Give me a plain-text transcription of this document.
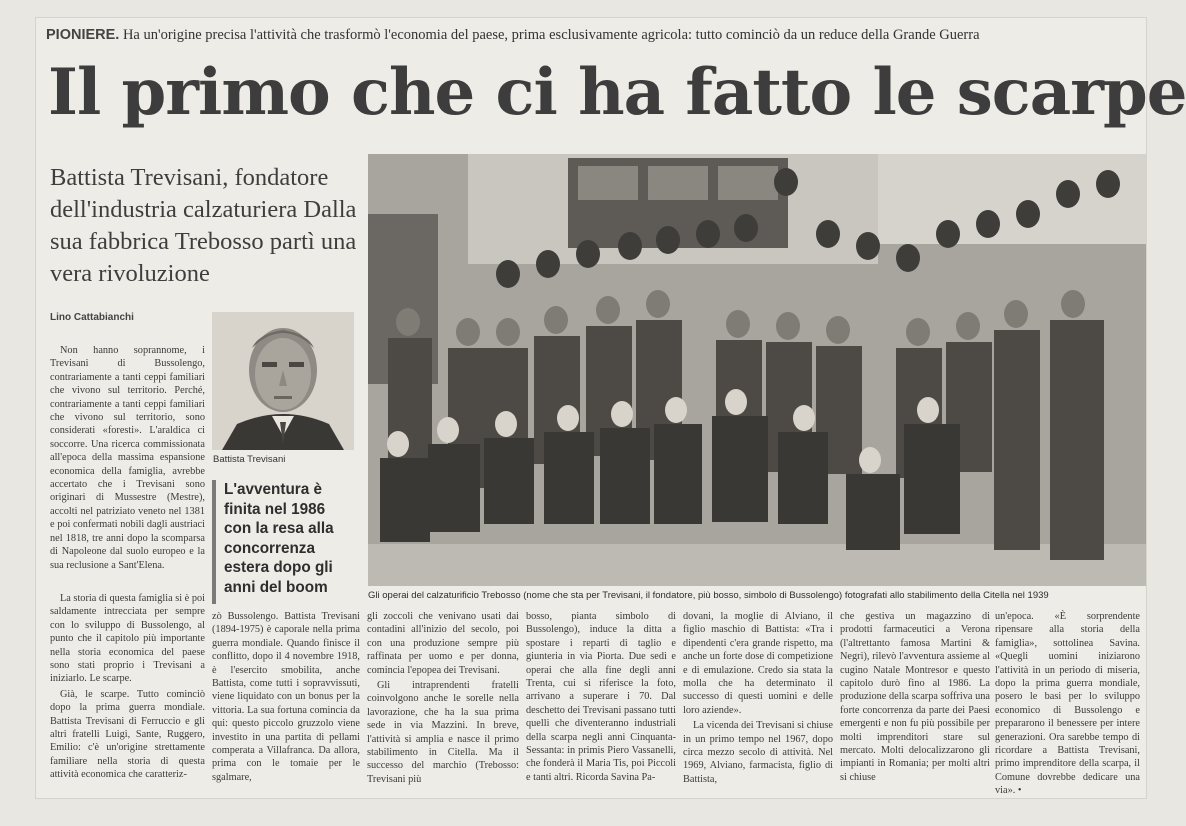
PIONIERE. Ha un'origine precisa l'attività che trasformò l'economia del paese, prima esclusivamente agricola: tutto cominciò da un reduce della Grande Guerra
Il primo che ci ha fatto le scarpe
Battista Trevisani, fondatore dell'industria calzaturiera Dalla sua fabbrica Trebosso partì una vera rivoluzione
Lino Cattabianchi

Non hanno soprannome, i Trevisani di Bussolengo, contrariamente a tanti ceppi familiari che vivono sul territorio. Perché, contrariamente a tanti ceppi familiari che vivono sul territorio, sono considerati «foresti». L'araldica ci soccorre. Una ricerca commissionata all'epoca della massima espansione economica della famiglia, avrebbe accertato che i Trevisani sono originari di Mussestre (Mestre), accolti nel patriziato veneto nel 1381 e poi confermati nobili dagli austriaci nel 1818, tre anni dopo la scomparsa di Napoleone dal suolo europeo e la sua reclusione a Sant'Elena.

La storia di questa famiglia si è poi saldamente intrecciata per sempre con lo sviluppo di Bussolengo, al punto che il capitolo più importante nella storia economica del paese sono stati proprio i Trevisani a iniziarlo. Le scarpe.

Già, le scarpe. Tutto cominciò dopo la prima guerra mondiale. Battista Trevisani di Ferruccio e gli altri fratelli Luigi, Sante, Ruggero, Emilio: c'è un'origine strettamente familiare nella storia di questa attività economica che caratteriz-

Battista Trevisani
L'avventura è finita nel 1986 con la resa alla concorrenza estera dopo gli anni del boom	Gli operai del calzaturificio Trebosso (nome che sta per Trevisani, il fondatore, più bosso, simbolo di Bussolengo) fotografati allo stabilimento della Citella nel 1939

zò Bussolengo. Battista Trevisani (1894-1975) è caporale nella prima guerra mondiale. Quando finisce il conflitto, dopo il 4 novembre 1918, è l'esercito smobilita, anche Battista, come tutti i sopravvissuti, viene liquidato con un bonus per la vittoria. La sua fortuna comincia da qui: questo piccolo gruzzolo viene investito in una partita di pellami comperata a Villafranca. Da allora, prima con le tomaie per le sgalmare,

gli zoccoli che venivano usati dai contadini all'inizio del secolo, poi con una produzione sempre più raffinata per uomo e per donna, comincia l'epopea dei Trevisani.

Gli intraprendenti fratelli coinvolgono anche le sorelle nella lavorazione, che ha la sua prima sede in via Mazzini. In breve, l'attività si amplia e nasce il primo stabilimento in Citella. Ma il successo del marchio (Trebosso: Trevisani più

bosso, pianta simbolo di Bussolengo), induce la ditta a spostare i reparti di taglio e giunteria in via Piorta. Due sedi e operai che alla fine degli anni Trenta, cui si riferisce la foto, arrivano a superare i 70. Dal deschetto dei Trevisani passano tutti quelli che diventeranno industriali della scarpa negli anni Cinquanta-Sessanta: in primis Piero Vassanelli, che fonderà il Maria Tis, poi Piccoli e tanti altri. Ricorda Savina Pa-

dovani, la moglie di Alviano, il figlio maschio di Battista: «Tra i dipendenti c'era grande rispetto, ma anche un forte dose di competizione e di emulazione. Credo sia stata la molla che ha determinato il successo di questi uomini e delle loro aziende».

La vicenda dei Trevisani si chiuse in un primo tempo nel 1967, dopo circa mezzo secolo di attività. Nel 1969, Alviano, farmacista, figlio di Battista,

che gestiva un magazzino di prodotti farmaceutici a Verona (l'altrettanto famosa Martini & Negri), rilevò l'avventura assieme al cugino Natale Montresor e questo capitolo durò fino al 1986. La produzione della scarpa soffriva una forte concorrenza da parte dei Paesi emergenti e non fu più possibile per molti imprenditori stare sul mercato. Molti delocalizzarono gli impianti in Romania; per molti altri si chiuse

un'epoca. «È sorprendente ripensare alla storia della famiglia», sottolinea Savina. «Quegli uomini iniziarono l'attività in un periodo di miseria, dopo la prima guerra mondiale, posero le basi per lo sviluppo economico di Bussolengo e prepararono il benessere per intere generazioni. Ora sarebbe tempo di ricordare a Battista Trevisani, primo imprenditore della scarpa, il Comune dovrebbe dedicare una via». •
